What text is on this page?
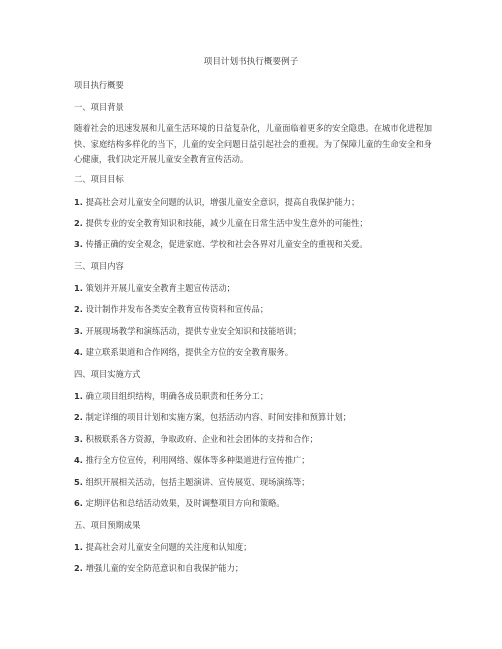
项目计划书执行概要例子
项目执行概要
一、项目背景

随着社会的迅速发展和儿童生活环境的日益复杂化，儿童面临着更多的安全隐患。在城市化进程加快、家庭结构多样化的当下，儿童的安全问题日益引起社会的重视。为了保障儿童的生命安全和身心健康，我们决定开展儿童安全教育宣传活动。

二、项目目标
1. 提高社会对儿童安全问题的认识，增强儿童安全意识，提高自我保护能力；
2. 提供专业的安全教育知识和技能，减少儿童在日常生活中发生意外的可能性；
3. 传播正确的安全观念，促进家庭、学校和社会各界对儿童安全的重视和关爱。
三、项目内容
1. 策划并开展儿童安全教育主题宣传活动；
2. 设计制作并发布各类安全教育宣传资料和宣传品；
3. 开展现场教学和演练活动，提供专业安全知识和技能培训；
4. 建立联系渠道和合作网络，提供全方位的安全教育服务。
四、项目实施方式
1. 确立项目组织结构，明确各成员职责和任务分工；
2. 制定详细的项目计划和实施方案，包括活动内容、时间安排和预算计划；
3. 积极联系各方资源，争取政府、企业和社会团体的支持和合作；
4. 推行全方位宣传，利用网络、媒体等多种渠道进行宣传推广；
5. 组织开展相关活动，包括主题演讲、宣传展览、现场演练等；
6. 定期评估和总结活动效果，及时调整项目方向和策略。
五、项目预期成果
1. 提高社会对儿童安全问题的关注度和认知度；
2. 增强儿童的安全防范意识和自我保护能力；
